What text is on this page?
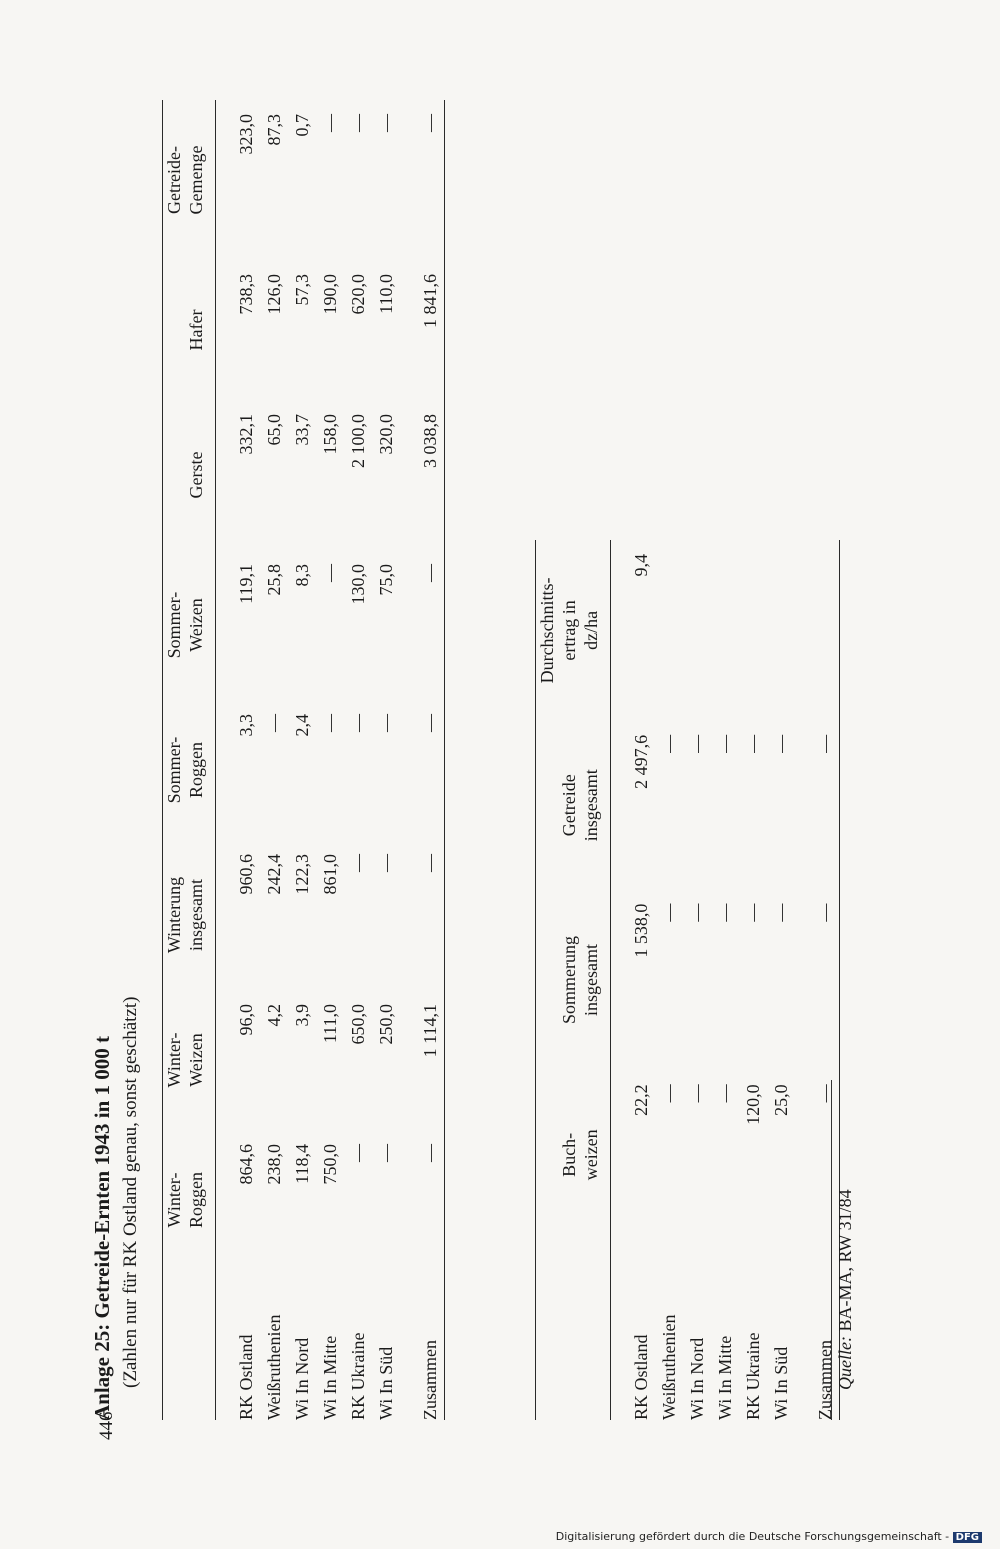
446
Anlage 25: Getreide-Ernten 1943 in 1 000 t (Zahlen nur für RK Ostland genau, sonst geschätzt)
	Winter- Roggen	Winter- Weizen	Winterung insgesamt	Sommer- Roggen	Sommer- Weizen	Gerste	Hafer	Getreide- Gemenge

RK Ostland	864,6	96,0	960,6	3,3	119,1	332,1	738,3	323,0
Weißruthenien	238,0	4,2	242,4	—	25,8	65,0	126,0	87,3
Wi In Nord	118,4	3,9	122,3	2,4	8,3	33,7	57,3	0,7
Wi In Mitte	750,0	111,0	861,0	—	—	158,0	190,0	—
RK Ukraine	—	650,0	—	—	130,0	2 100,0	620,0	—
Wi In Süd	—	250,0	—	—	75,0	320,0	110,0	—

Zusammen	—	1 114,1	—	—	—	3 038,8	1 841,6	—
	Buch- weizen	Sommerung insgesamt	Getreide insgesamt	Durchschnitts- ertrag in dz/ha

RK Ostland	22,2	1 538,0	2 497,6	9,4
Weißruthenien	—	—	—	
Wi In Nord	—	—	—	
Wi In Mitte	—	—	—	
RK Ukraine	120,0	—	—	
Wi In Süd	25,0	—	—	

Zusammen	—	—	—	
Quelle: BA-MA, RW 31/84
Digitalisierung gefördert durch die Deutsche Forschungsgemeinschaft - DFG
